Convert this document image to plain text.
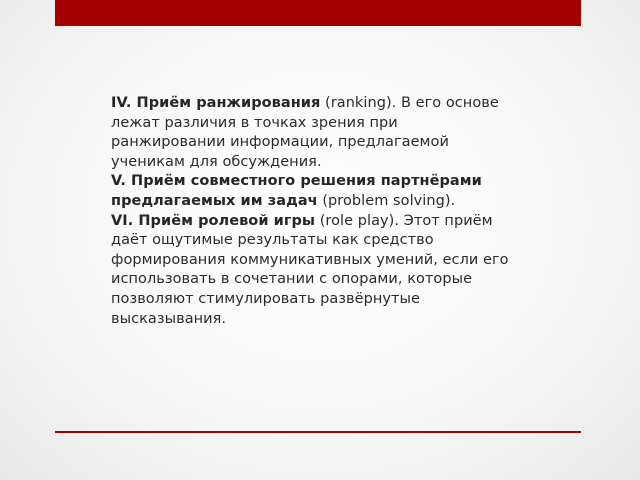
IV. Приём ранжирования (ranking). В его основе лежат различия в точках зрения при ранжировании информации, предлагаемой ученикам для обсуждения.

V. Приём совместного решения партнёрами предлагаемых им задач (problem solving).

VI. Приём ролевой игры (role play). Этот приём даёт ощутимые результаты как средство формирования коммуникативных умений, если его использовать в сочетании с опорами, которые позволяют стимулировать развёрнутые высказывания.
